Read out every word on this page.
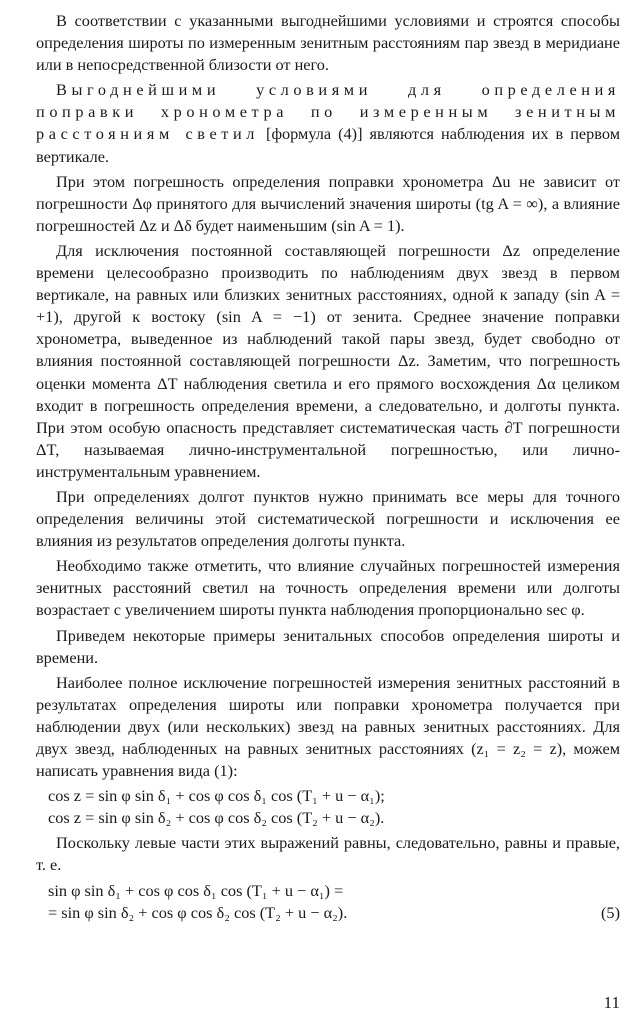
В соответствии с указанными выгоднейшими условиями и строятся способы определения широты по измеренным зенитным расстояниям пар звезд в меридиане или в непосредственной близости от него.

Выгоднейшими условиями для определения поправки хронометра по измеренным зенитным расстояниям светил [формула (4)] являются наблюдения их в первом вертикале.

При этом погрешность определения поправки хронометра Δu не зависит от погрешности Δφ принятого для вычислений значения широты (tg A = ∞), а влияние погрешностей Δz и Δδ будет наименьшим (sin A = 1).

Для исключения постоянной составляющей погрешности Δz определение времени целесообразно производить по наблюдениям двух звезд в первом вертикале, на равных или близких зенитных расстояниях, одной к западу (sin A = +1), другой к востоку (sin A = −1) от зенита. Среднее значение поправки хронометра, выведенное из наблюдений такой пары звезд, будет свободно от влияния постоянной составляющей погрешности Δz. Заметим, что погрешность оценки момента ΔT наблюдения светила и его прямого восхождения Δα целиком входит в погрешность определения времени, а следовательно, и долготы пункта. При этом особую опасность представляет систематическая часть ∂T погрешности ΔT, называемая лично-инструментальной погрешностью, или лично-инструментальным уравнением.

При определениях долгот пунктов нужно принимать все меры для точного определения величины этой систематической погрешности и исключения ее влияния из результатов определения долготы пункта.

Необходимо также отметить, что влияние случайных погрешностей измерения зенитных расстояний светил на точность определения времени или долготы возрастает с увеличением широты пункта наблюдения пропорционально sec φ.

Приведем некоторые примеры зенитальных способов определения широты и времени.

Наиболее полное исключение погрешностей измерения зенитных расстояний в результатах определения широты или поправки хронометра получается при наблюдении двух (или нескольких) звезд на равных зенитных расстояниях. Для двух звезд, наблюденных на равных зенитных расстояниях (z₁ = z₂ = z), можем написать уравнения вида (1):

cos z = sin φ sin δ₁ + cos φ cos δ₁ cos (T₁ + u − α₁);

cos z = sin φ sin δ₂ + cos φ cos δ₂ cos (T₂ + u − α₂).

Поскольку левые части этих выражений равны, следовательно, равны и правые, т. е.

sin φ sin δ₁ + cos φ cos δ₁ cos (T₁ + u − α₁) =
= sin φ sin δ₂ + cos φ cos δ₂ cos (T₂ + u − α₂).	(5)
11
